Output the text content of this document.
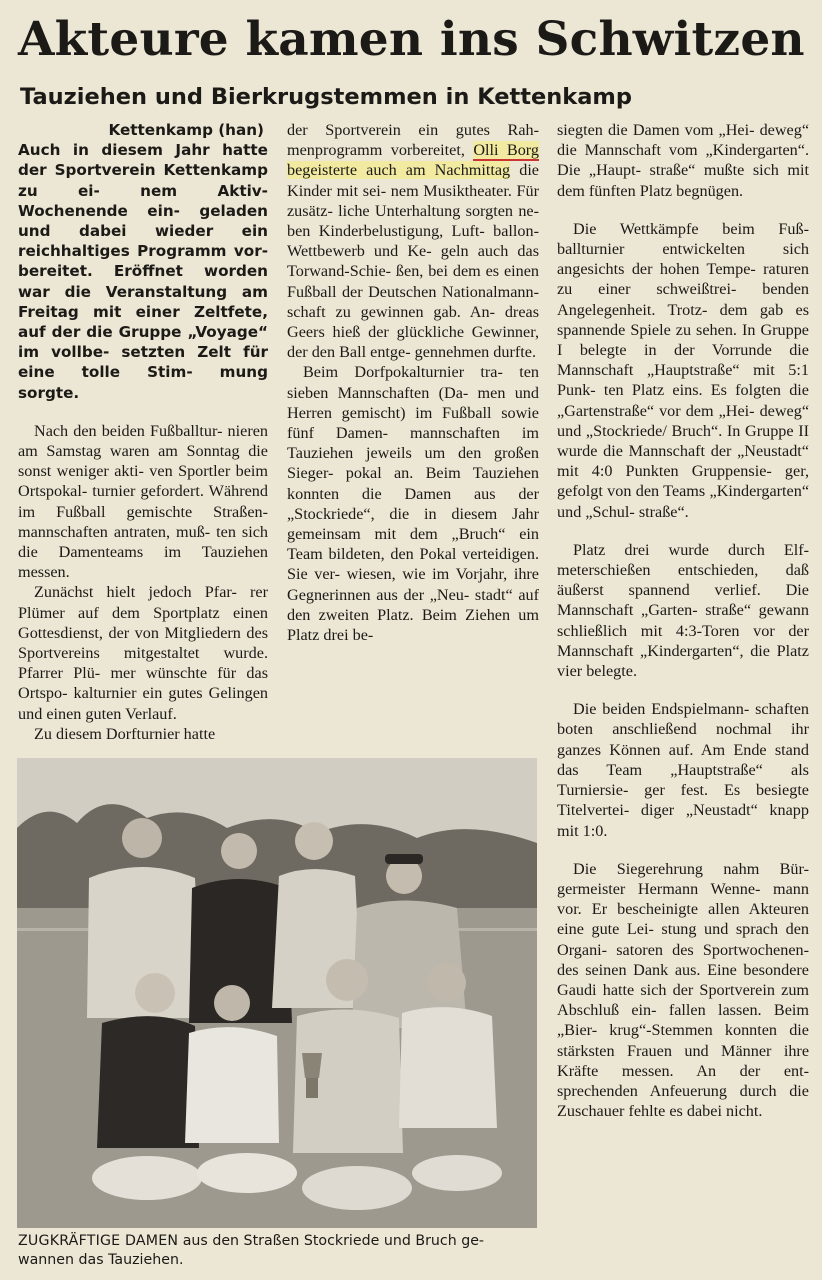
Akteure kamen ins Schwitzen
Tauziehen und Bierkrugstemmen in Kettenkamp

Kettenkamp (han)
Auch in diesem Jahr hatte der Sportverein Kettenkamp zu ei- nem Aktiv-Wochenende ein- geladen und dabei wieder ein reichhaltiges Programm vor- bereitet. Eröffnet worden war die Veranstaltung am Freitag mit einer Zeltfete, auf der die Gruppe „Voyage“ im vollbe- setzten Zelt für eine tolle Stim- mung sorgte.

Nach den beiden Fußballtur- nieren am Samstag waren am Sonntag die sonst weniger akti- ven Sportler beim Ortspokal- turnier gefordert. Während im Fußball gemischte Straßen- mannschaften antraten, muß- ten sich die Damenteams im Tauziehen messen.

Zunächst hielt jedoch Pfar- rer Plümer auf dem Sportplatz einen Gottesdienst, der von Mitgliedern des Sportvereins mitgestaltet wurde. Pfarrer Plü- mer wünschte für das Ortspo- kalturnier ein gutes Gelingen und einen guten Verlauf.

Zu diesem Dorfturnier hatte

der Sportverein ein gutes Rah- menprogramm vorbereitet, Olli Borg begeisterte auch am Nachmittag die Kinder mit sei- nem Musiktheater. Für zusätz- liche Unterhaltung sorgten ne- ben Kinderbelustigung, Luft- ballon-Wettbewerb und Ke- geln auch das Torwand-Schie- ßen, bei dem es einen Fußball der Deutschen Nationalmann- schaft zu gewinnen gab. An- dreas Geers hieß der glückliche Gewinner, der den Ball entge- gennehmen durfte.

Beim Dorfpokalturnier tra- ten sieben Mannschaften (Da- men und Herren gemischt) im Fußball sowie fünf Damen- mannschaften im Tauziehen jeweils um den großen Sieger- pokal an. Beim Tauziehen konnten die Damen aus der „Stockriede“, die in diesem Jahr gemeinsam mit dem „Bruch“ ein Team bildeten, den Pokal verteidigen. Sie ver- wiesen, wie im Vorjahr, ihre Gegnerinnen aus der „Neu- stadt“ auf den zweiten Platz. Beim Ziehen um Platz drei be-

siegten die Damen vom „Hei- deweg“ die Mannschaft vom „Kindergarten“. Die „Haupt- straße“ mußte sich mit dem fünften Platz begnügen.

Die Wettkämpfe beim Fuß- ballturnier entwickelten sich angesichts der hohen Tempe- raturen zu einer schweißtrei- benden Angelegenheit. Trotz- dem gab es spannende Spiele zu sehen. In Gruppe I belegte in der Vorrunde die Mannschaft „Hauptstraße“ mit 5:1 Punk- ten Platz eins. Es folgten die „Gartenstraße“ vor dem „Hei- deweg“ und „Stockriede/ Bruch“. In Gruppe II wurde die Mannschaft der „Neustadt“ mit 4:0 Punkten Gruppensie- ger, gefolgt von den Teams „Kindergarten“ und „Schul- straße“.

Platz drei wurde durch Elf- meterschießen entschieden, daß äußerst spannend verlief. Die Mannschaft „Garten- straße“ gewann schließlich mit 4:3-Toren vor der Mannschaft „Kindergarten“, die Platz vier belegte.

Die beiden Endspielmann- schaften boten anschließend nochmal ihr ganzes Können auf. Am Ende stand das Team „Hauptstraße“ als Turniersie- ger fest. Es besiegte Titelvertei- diger „Neustadt“ knapp mit 1:0.

Die Siegerehrung nahm Bür- germeister Hermann Wenne- mann vor. Er bescheinigte allen Akteuren eine gute Lei- stung und sprach den Organi- satoren des Sportwochenen- des seinen Dank aus. Eine besondere Gaudi hatte sich der Sportverein zum Abschluß ein- fallen lassen. Beim „Bier- krug“-Stemmen konnten die stärksten Frauen und Männer ihre Kräfte messen. An der ent- sprechenden Anfeuerung durch die Zuschauer fehlte es dabei nicht.

ZUGKRÄFTIGE DAMEN aus den Straßen Stockriede und Bruch ge- wannen das Tauziehen.
